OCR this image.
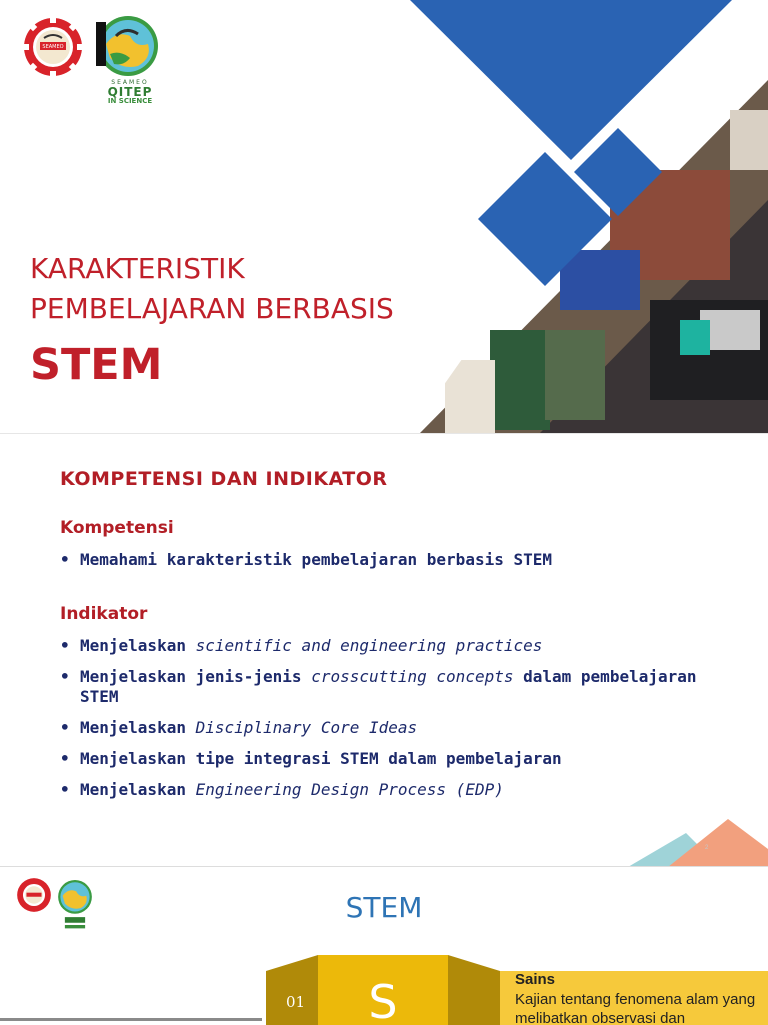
SEAMEO
SEAMEO
QITEP
IN SCIENCE
KARAKTERISTIK
PEMBELAJARAN BERBASIS
STEM
KOMPETENSI DAN INDIKATOR
Kompetensi
• Memahami karakteristik pembelajaran berbasis STEM
Indikator
• Menjelaskan scientific and engineering practices
• Menjelaskan jenis-jenis crosscutting concepts dalam pembelajaran STEM
• Menjelaskan Disciplinary Core Ideas
• Menjelaskan tipe integrasi STEM dalam pembelajaran
• Menjelaskan Engineering Design Process (EDP)
2
STEM
01	S	Sains
Kajian tentang fenomena alam yang melibatkan observasi dan
